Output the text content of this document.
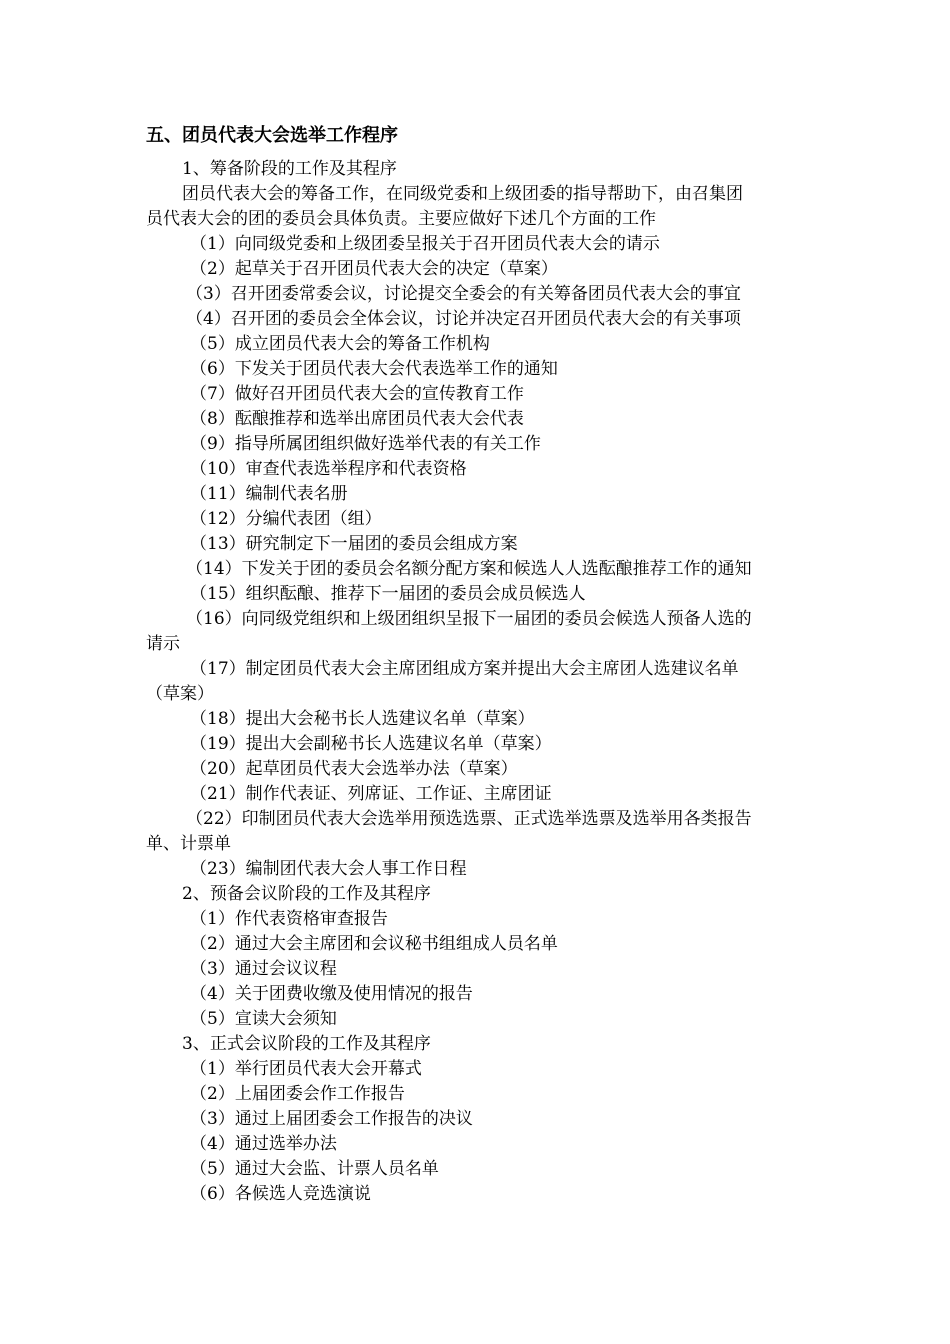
五、团员代表大会选举工作程序
1、筹备阶段的工作及其程序
团员代表大会的筹备工作，在同级党委和上级团委的指导帮助下，由召集团
员代表大会的团的委员会具体负责。主要应做好下述几个方面的工作
（1）向同级党委和上级团委呈报关于召开团员代表大会的请示
（2）起草关于召开团员代表大会的决定（草案）
（3）召开团委常委会议，讨论提交全委会的有关筹备团员代表大会的事宜
（4）召开团的委员会全体会议，讨论并决定召开团员代表大会的有关事项
（5）成立团员代表大会的筹备工作机构
（6）下发关于团员代表大会代表选举工作的通知
（7）做好召开团员代表大会的宣传教育工作
（8）酝酿推荐和选举出席团员代表大会代表
（9）指导所属团组织做好选举代表的有关工作
（10）审查代表选举程序和代表资格
（11）编制代表名册
（12）分编代表团（组）
（13）研究制定下一届团的委员会组成方案
（14）下发关于团的委员会名额分配方案和候选人人选酝酿推荐工作的通知
（15）组织酝酿、推荐下一届团的委员会成员候选人
（16）向同级党组织和上级团组织呈报下一届团的委员会候选人预备人选的
请示
（17）制定团员代表大会主席团组成方案并提出大会主席团人选建议名单
（草案）
（18）提出大会秘书长人选建议名单（草案）
（19）提出大会副秘书长人选建议名单（草案）
（20）起草团员代表大会选举办法（草案）
（21）制作代表证、列席证、工作证、主席团证
（22）印制团员代表大会选举用预选选票、正式选举选票及选举用各类报告
单、计票单
（23）编制团代表大会人事工作日程
2、预备会议阶段的工作及其程序
（1）作代表资格审查报告
（2）通过大会主席团和会议秘书组组成人员名单
（3）通过会议议程
（4）关于团费收缴及使用情况的报告
（5）宣读大会须知
3、正式会议阶段的工作及其程序
（1）举行团员代表大会开幕式
（2）上届团委会作工作报告
（3）通过上届团委会工作报告的决议
（4）通过选举办法
（5）通过大会监、计票人员名单
（6）各候选人竞选演说
